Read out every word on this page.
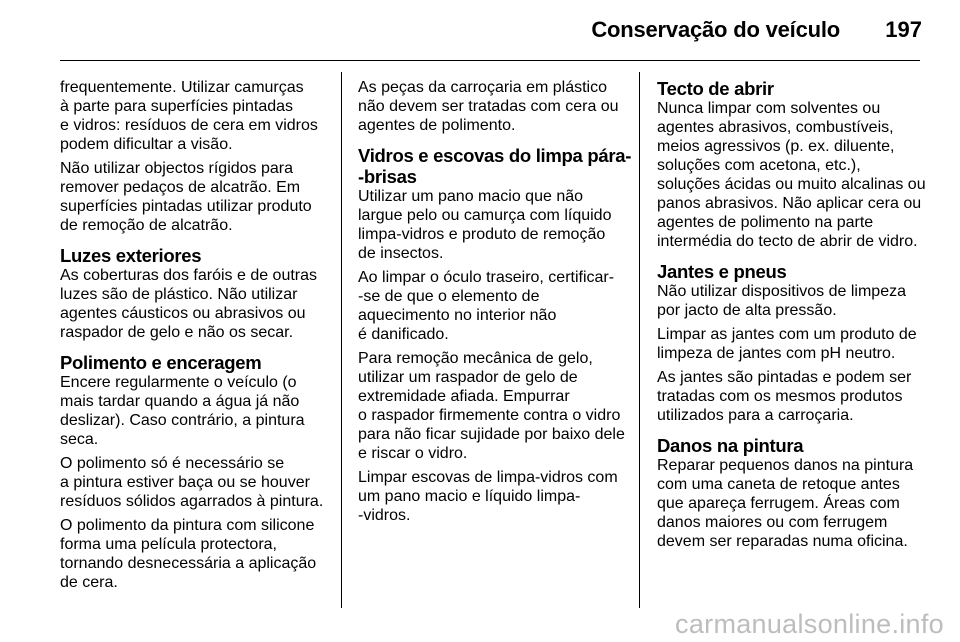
Conservação do veículo 197

frequentemente. Utilizar camurças
à parte para superfícies pintadas
e vidros: resíduos de cera em vidros
podem dificultar a visão.

Não utilizar objectos rígidos para
remover pedaços de alcatrão. Em
superfícies pintadas utilizar produto
de remoção de alcatrão.

Luzes exteriores

As coberturas dos faróis e de outras
luzes são de plástico. Não utilizar
agentes cáusticos ou abrasivos ou
raspador de gelo e não os secar.

Polimento e enceragem

Encere regularmente o veículo (o
mais tardar quando a água já não
deslizar). Caso contrário, a pintura
seca.

O polimento só é necessário se
a pintura estiver baça ou se houver
resíduos sólidos agarrados à pintura.

O polimento da pintura com silicone
forma uma película protectora,
tornando desnecessária a aplicação
de cera.

As peças da carroçaria em plástico
não devem ser tratadas com cera ou
agentes de polimento.

Vidros e escovas do limpa pára-
-brisas

Utilizar um pano macio que não
largue pelo ou camurça com líquido
limpa-vidros e produto de remoção
de insectos.

Ao limpar o óculo traseiro, certificar-
-se de que o elemento de
aquecimento no interior não
é danificado.

Para remoção mecânica de gelo,
utilizar um raspador de gelo de
extremidade afiada. Empurrar
o raspador firmemente contra o vidro
para não ficar sujidade por baixo dele
e riscar o vidro.

Limpar escovas de limpa-vidros com
um pano macio e líquido limpa-
-vidros.

Tecto de abrir

Nunca limpar com solventes ou
agentes abrasivos, combustíveis,
meios agressivos (p. ex. diluente,
soluções com acetona, etc.),
soluções ácidas ou muito alcalinas ou
panos abrasivos. Não aplicar cera ou
agentes de polimento na parte
intermédia do tecto de abrir de vidro.

Jantes e pneus

Não utilizar dispositivos de limpeza
por jacto de alta pressão.

Limpar as jantes com um produto de
limpeza de jantes com pH neutro.

As jantes são pintadas e podem ser
tratadas com os mesmos produtos
utilizados para a carroçaria.

Danos na pintura

Reparar pequenos danos na pintura
com uma caneta de retoque antes
que apareça ferrugem. Áreas com
danos maiores ou com ferrugem
devem ser reparadas numa oficina.

carmanualsonline.info
